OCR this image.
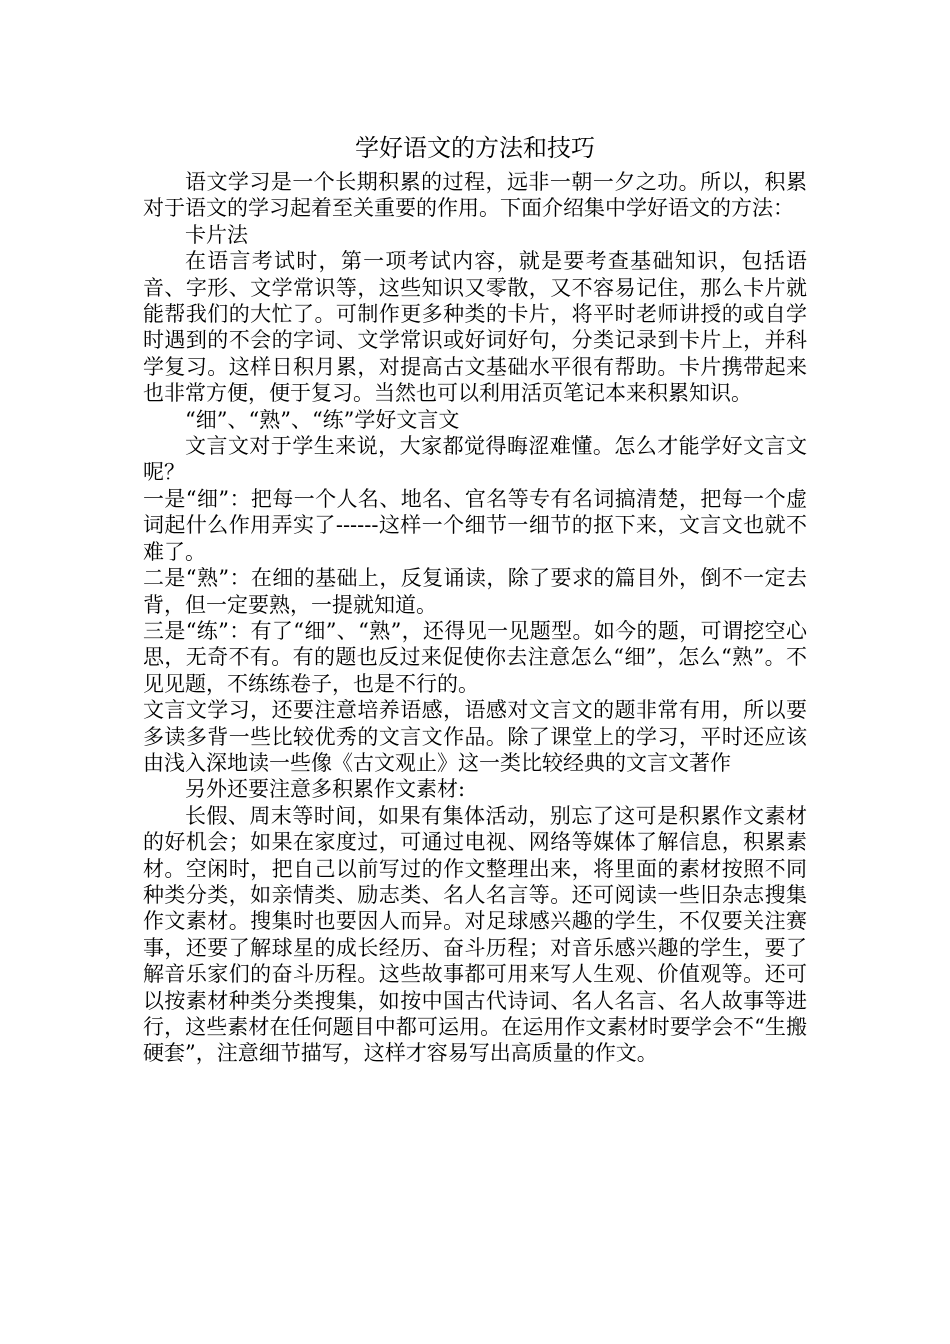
学好语文的方法和技巧

语文学习是一个长期积累的过程，远非一朝一夕之功。所以，积累对于语文的学习起着至关重要的作用。下面介绍集中学好语文的方法：

卡片法

在语言考试时，第一项考试内容，就是要考查基础知识，包括语音、字形、文学常识等，这些知识又零散，又不容易记住，那么卡片就能帮我们的大忙了。可制作更多种类的卡片，将平时老师讲授的或自学时遇到的不会的字词、文学常识或好词好句，分类记录到卡片上，并科学复习。这样日积月累，对提高古文基础水平很有帮助。卡片携带起来也非常方便，便于复习。当然也可以利用活页笔记本来积累知识。

“细”、“熟”、“练”学好文言文

文言文对于学生来说，大家都觉得晦涩难懂。怎么才能学好文言文呢？

一是“细”：把每一个人名、地名、官名等专有名词搞清楚，把每一个虚词起什么作用弄实了------这样一个细节一细节的抠下来，文言文也就不难了。

二是“熟”：在细的基础上，反复诵读，除了要求的篇目外，倒不一定去背，但一定要熟，一提就知道。

三是“练”：有了“细”、“熟”，还得见一见题型。如今的题，可谓挖空心思，无奇不有。有的题也反过来促使你去注意怎么“细”，怎么“熟”。不见见题，不练练卷子，也是不行的。

文言文学习，还要注意培养语感，语感对文言文的题非常有用，所以要多读多背一些比较优秀的文言文作品。除了课堂上的学习，平时还应该由浅入深地读一些像《古文观止》这一类比较经典的文言文著作

另外还要注意多积累作文素材:

长假、周末等时间，如果有集体活动，别忘了这可是积累作文素材的好机会；如果在家度过，可通过电视、网络等媒体了解信息，积累素材。空闲时，把自己以前写过的作文整理出来，将里面的素材按照不同种类分类，如亲情类、励志类、名人名言等。还可阅读一些旧杂志搜集作文素材。搜集时也要因人而异。对足球感兴趣的学生，不仅要关注赛事，还要了解球星的成长经历、奋斗历程；对音乐感兴趣的学生，要了解音乐家们的奋斗历程。这些故事都可用来写人生观、价值观等。还可以按素材种类分类搜集，如按中国古代诗词、名人名言、名人故事等进行，这些素材在任何题目中都可运用。在运用作文素材时要学会不“生搬硬套”，注意细节描写，这样才容易写出高质量的作文。
